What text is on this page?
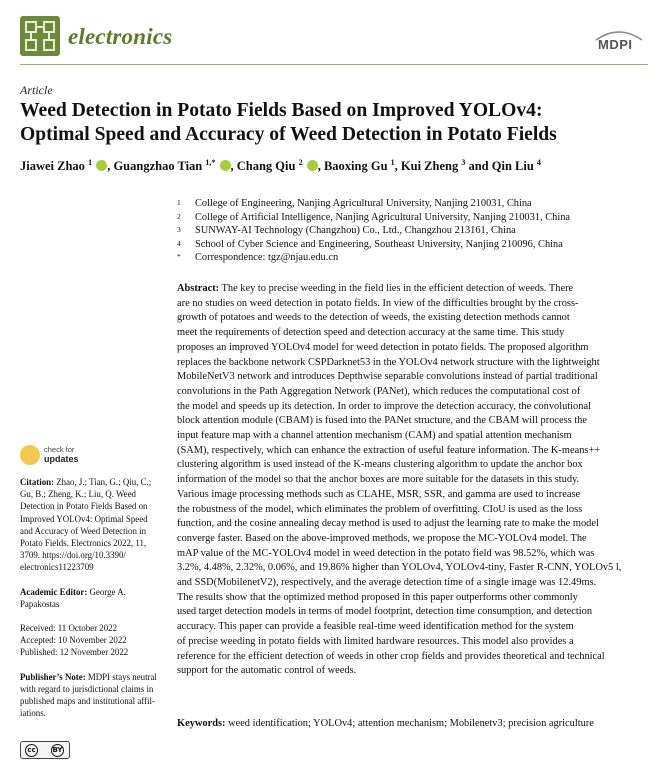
electronics	MDPI
Article
Weed Detection in Potato Fields Based on Improved YOLOv4:
Optimal Speed and Accuracy of Weed Detection in Potato Fields
Jiawei Zhao $^1$ , Guangzhao Tian $^{1,*}$ , Chang Qiu $^2$ , Baoxing Gu $^1$, Kui Zheng $^3$ and Qin Liu $^4$
1 College of Engineering, Nanjing Agricultural University, Nanjing 210031, China
2 College of Artificial Intelligence, Nanjing Agricultural University, Nanjing 210031, China
3 SUNWAY-AI Technology (Changzhou) Co., Ltd., Changzhou 213161, China
4 School of Cyber Science and Engineering, Southeast University, Nanjing 210096, China
* Correspondence: tgz@njau.edu.cn
check for
updates
Citation: Zhao, J.; Tian, G.; Qiu, C.;
Gu, B.; Zheng, K.; Liu, Q. Weed
Detection in Potato Fields Based on
Improved YOLOv4: Optimal Speed
and Accuracy of Weed Detection in
Potato Fields. Electronics 2022, 11,
3709. https://doi.org/10.3390/
electronics11223709
Academic Editor: George A.
Papakostas
Received: 11 October 2022
Accepted: 10 November 2022
Published: 12 November 2022
Publisher’s Note: MDPI stays neutral
with regard to jurisdictional claims in
published maps and institutional affil-
iations.
cc	BY
Abstract: The key to precise weeding in the field lies in the efficient detection of weeds. There
are no studies on weed detection in potato fields. In view of the difficulties brought by the cross-
growth of potatoes and weeds to the detection of weeds, the existing detection methods cannot
meet the requirements of detection speed and detection accuracy at the same time. This study
proposes an improved YOLOv4 model for weed detection in potato fields. The proposed algorithm
replaces the backbone network CSPDarknet53 in the YOLOv4 network structure with the lightweight
MobileNetV3 network and introduces Depthwise separable convolutions instead of partial traditional
convolutions in the Path Aggregation Network (PANet), which reduces the computational cost of
the model and speeds up its detection. In order to improve the detection accuracy, the convolutional
block attention module (CBAM) is fused into the PANet structure, and the CBAM will process the
input feature map with a channel attention mechanism (CAM) and spatial attention mechanism
(SAM), respectively, which can enhance the extraction of useful feature information. The K-means++
clustering algorithm is used instead of the K-means clustering algorithm to update the anchor box
information of the model so that the anchor boxes are more suitable for the datasets in this study.
Various image processing methods such as CLAHE, MSR, SSR, and gamma are used to increase
the robustness of the model, which eliminates the problem of overfitting. CIoU is used as the loss
function, and the cosine annealing decay method is used to adjust the learning rate to make the model
converge faster. Based on the above-improved methods, we propose the MC-YOLOv4 model. The
mAP value of the MC-YOLOv4 model in weed detection in the potato field was 98.52%, which was
3.2%, 4.48%, 2.32%, 0.06%, and 19.86% higher than YOLOv4, YOLOv4-tiny, Faster R-CNN, YOLOv5 l,
and SSD(MobilenetV2), respectively, and the average detection time of a single image was 12.49ms.
The results show that the optimized method proposed in this paper outperforms other commonly
used target detection models in terms of model footprint, detection time consumption, and detection
accuracy. This paper can provide a feasible real-time weed identification method for the system
of precise weeding in potato fields with limited hardware resources. This model also provides a
reference for the efficient detection of weeds in other crop fields and provides theoretical and technical
support for the automatic control of weeds.
Keywords: weed identification; YOLOv4; attention mechanism; Mobilenetv3; precision agriculture
